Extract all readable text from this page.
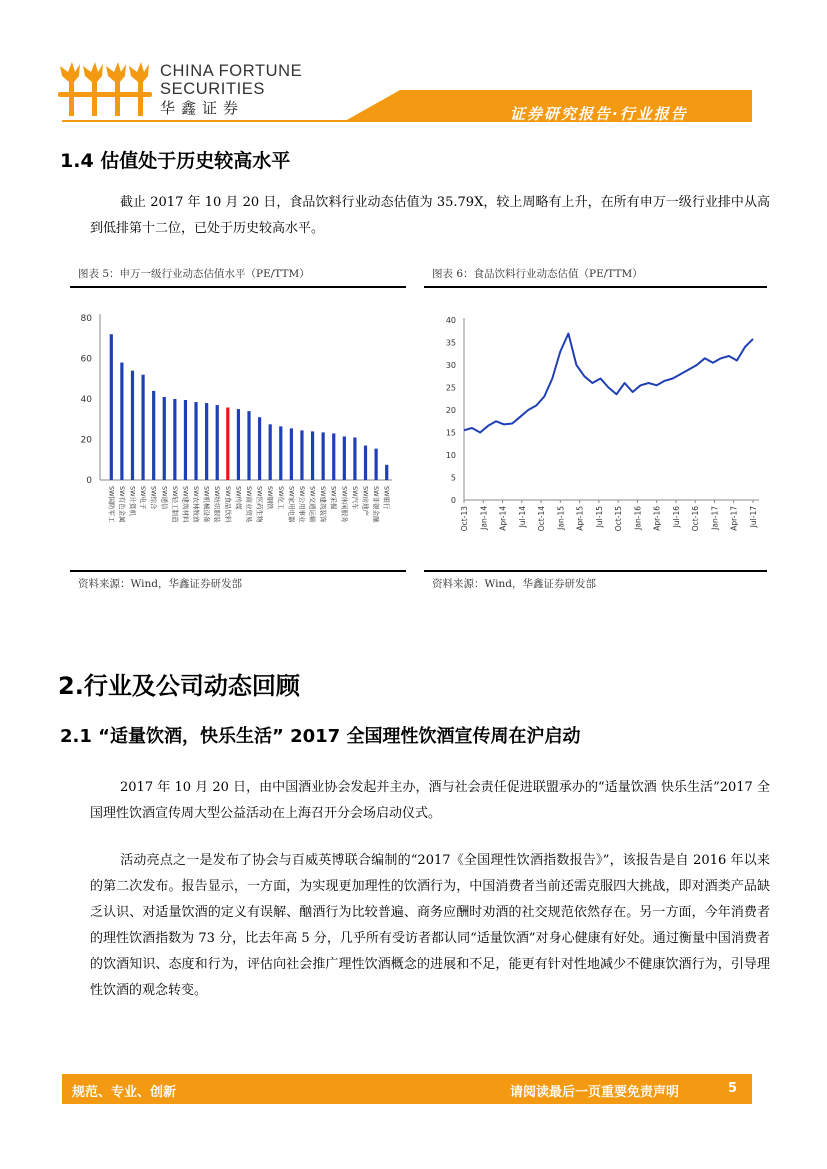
CHINA FORTUNE
SECURITIES
华鑫证券	证券研究报告·行业报告
1.4 估值处于历史较高水平
截止 2017 年 10 月 20 日，食品饮料行业动态估值为 35.79X，较上周略有上升，在所有申万一级行业排中从高到低排第十二位，已处于历史较高水平。
图表 5：申万一级行业动态估值水平（PE/TTM）
0
20
40
60
80
SW国防军工 SW有色金属 SW计算机 SW电子 SW综合 SW通信 SW轻工制造 SW建筑材料 SW农林牧渔 SW机械设备 SW纺织服装 SW食品饮料 SW传媒 SW商业贸易 SW医药生物 SW钢铁 SW化工 SW家用电器 SW公用事业 SW交通运输 SW建筑装饰 SW采掘 SW休闲服务 SW汽车 SW房地产 SW非银金融 SW银行
资料来源：Wind，华鑫证券研发部
图表 6：食品饮料行业动态估值（PE/TTM）
0
5
10
15
20
25
30
35
40
Oct-13 Jan-14 Apr-14 Jul-14 Oct-14 Jan-15 Apr-15 Jul-15 Oct-15 Jan-16 Apr-16 Jul-16 Oct-16 Jan-17 Apr-17 Jul-17
资料来源：Wind，华鑫证券研发部
2.行业及公司动态回顾
2.1 “适量饮酒，快乐生活” 2017 全国理性饮酒宣传周在沪启动
2017 年 10 月 20 日，由中国酒业协会发起并主办，酒与社会责任促进联盟承办的“适量饮酒 快乐生活”2017 全国理性饮酒宣传周大型公益活动在上海召开分会场启动仪式。
活动亮点之一是发布了协会与百威英博联合编制的“2017《全国理性饮酒指数报告》”，该报告是自 2016 年以来的第二次发布。报告显示，一方面，为实现更加理性的饮酒行为，中国消费者当前还需克服四大挑战，即对酒类产品缺乏认识、对适量饮酒的定义有误解、酗酒行为比较普遍、商务应酬时劝酒的社交规范依然存在。另一方面，今年消费者的理性饮酒指数为 73 分，比去年高 5 分，几乎所有受访者都认同“适量饮酒”对身心健康有好处。通过衡量中国消费者的饮酒知识、态度和行为，评估向社会推广理性饮酒概念的进展和不足，能更有针对性地减少不健康饮酒行为，引导理性饮酒的观念转变。
规范、专业、创新	请阅读最后一页重要免责声明	5
